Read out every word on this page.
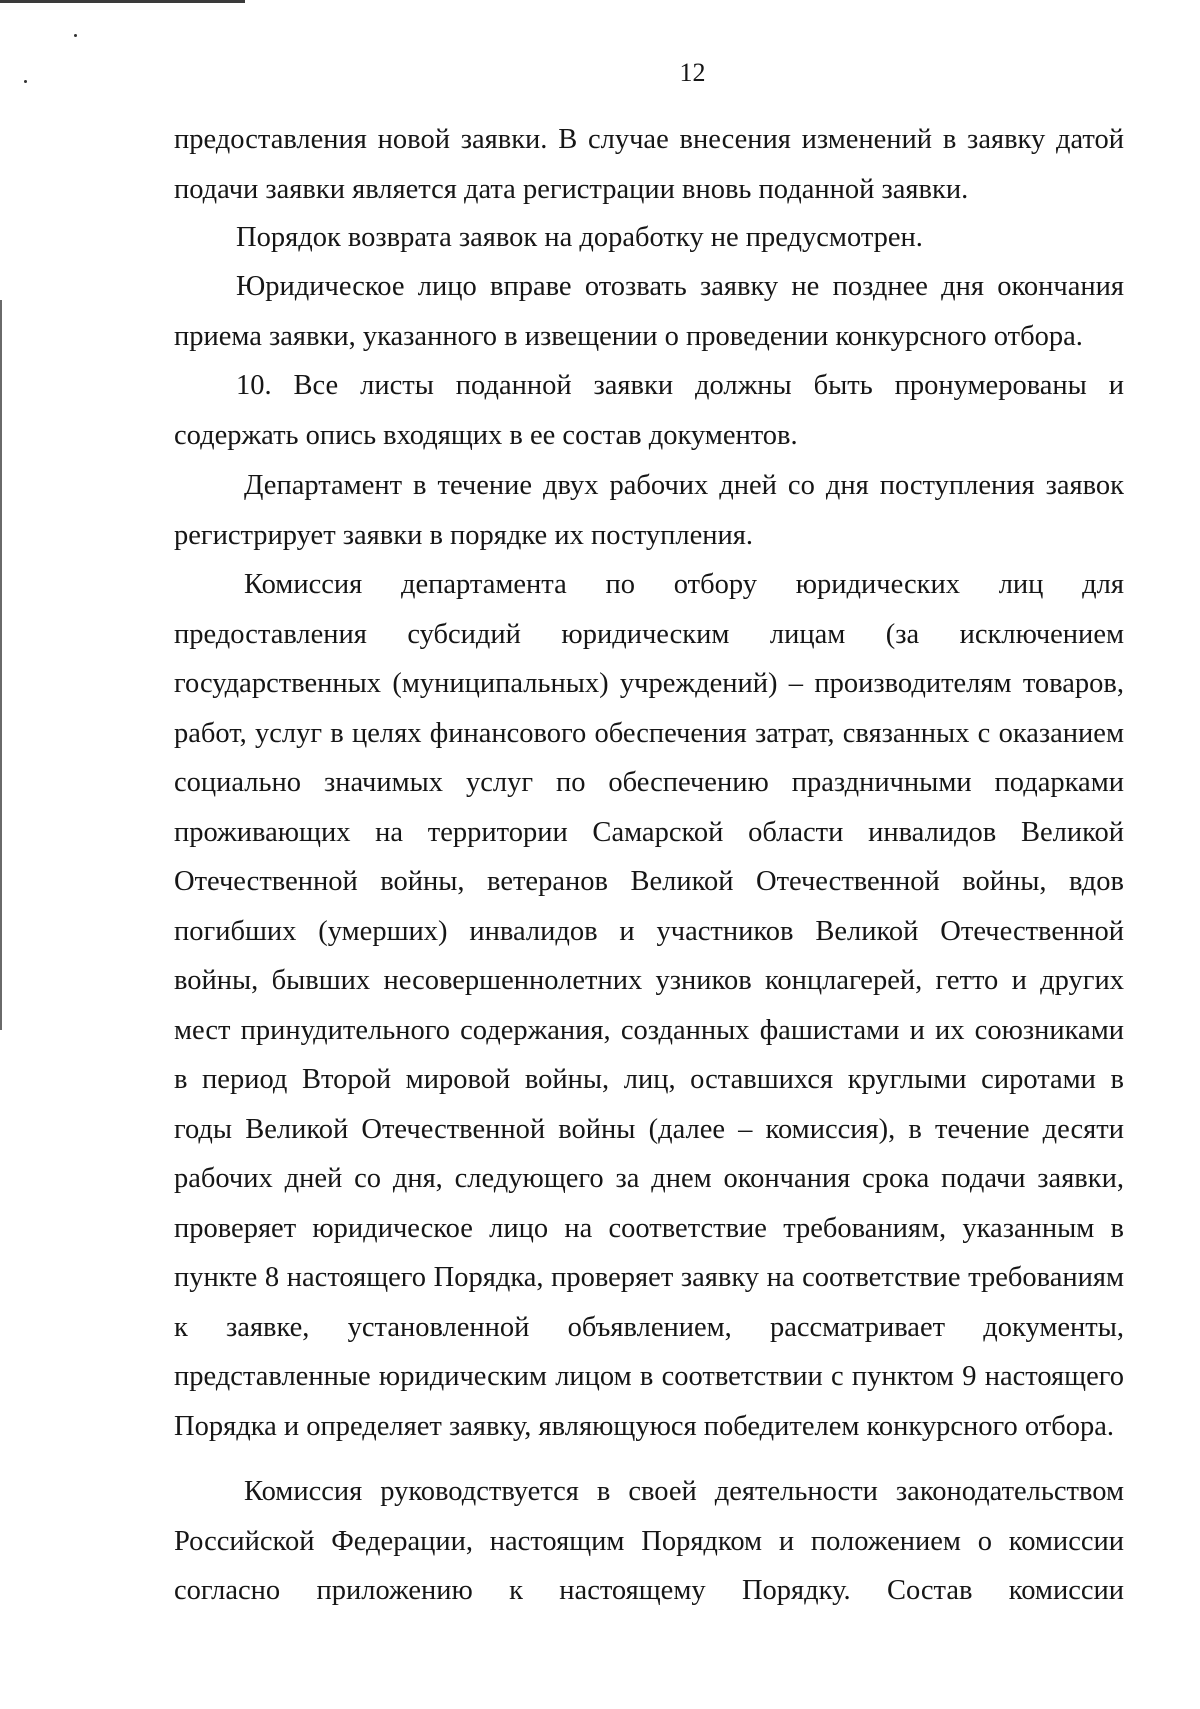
12
предоставления новой заявки. В случае внесения изменений в заявку датой
подачи заявки является дата регистрации вновь поданной заявки.
Порядок возврата заявок на доработку не предусмотрен.
Юридическое лицо вправе отозвать заявку не позднее дня окончания
приема заявки, указанного в извещении о проведении конкурсного отбора.
10. Все листы поданной заявки должны быть пронумерованы и
содержать опись входящих в ее состав документов.
Департамент в течение двух рабочих дней со дня поступления заявок
регистрирует заявки в порядке их поступления.
Комиссия департамента по отбору юридических лиц для
предоставления субсидий юридическим лицам (за исключением
государственных (муниципальных) учреждений) – производителям товаров,
работ, услуг в целях финансового обеспечения затрат, связанных с оказанием
социально значимых услуг по обеспечению праздничными подарками
проживающих на территории Самарской области инвалидов Великой
Отечественной войны, ветеранов Великой Отечественной войны, вдов
погибших (умерших) инвалидов и участников Великой Отечественной
войны, бывших несовершеннолетних узников концлагерей, гетто и других
мест принудительного содержания, созданных фашистами и их союзниками
в период Второй мировой войны, лиц, оставшихся круглыми сиротами в
годы Великой Отечественной войны (далее – комиссия), в течение десяти
рабочих дней со дня, следующего за днем окончания срока подачи заявки,
проверяет юридическое лицо на соответствие требованиям, указанным в
пункте 8 настоящего Порядка, проверяет заявку на соответствие требованиям
к заявке, установленной объявлением, рассматривает документы,
представленные юридическим лицом в соответствии с пунктом 9 настоящего
Порядка и определяет заявку, являющуюся победителем конкурсного отбора.
Комиссия руководствуется в своей деятельности законодательством
Российской Федерации, настоящим Порядком и положением о комиссии
согласно приложению к настоящему Порядку. Состав комиссии
